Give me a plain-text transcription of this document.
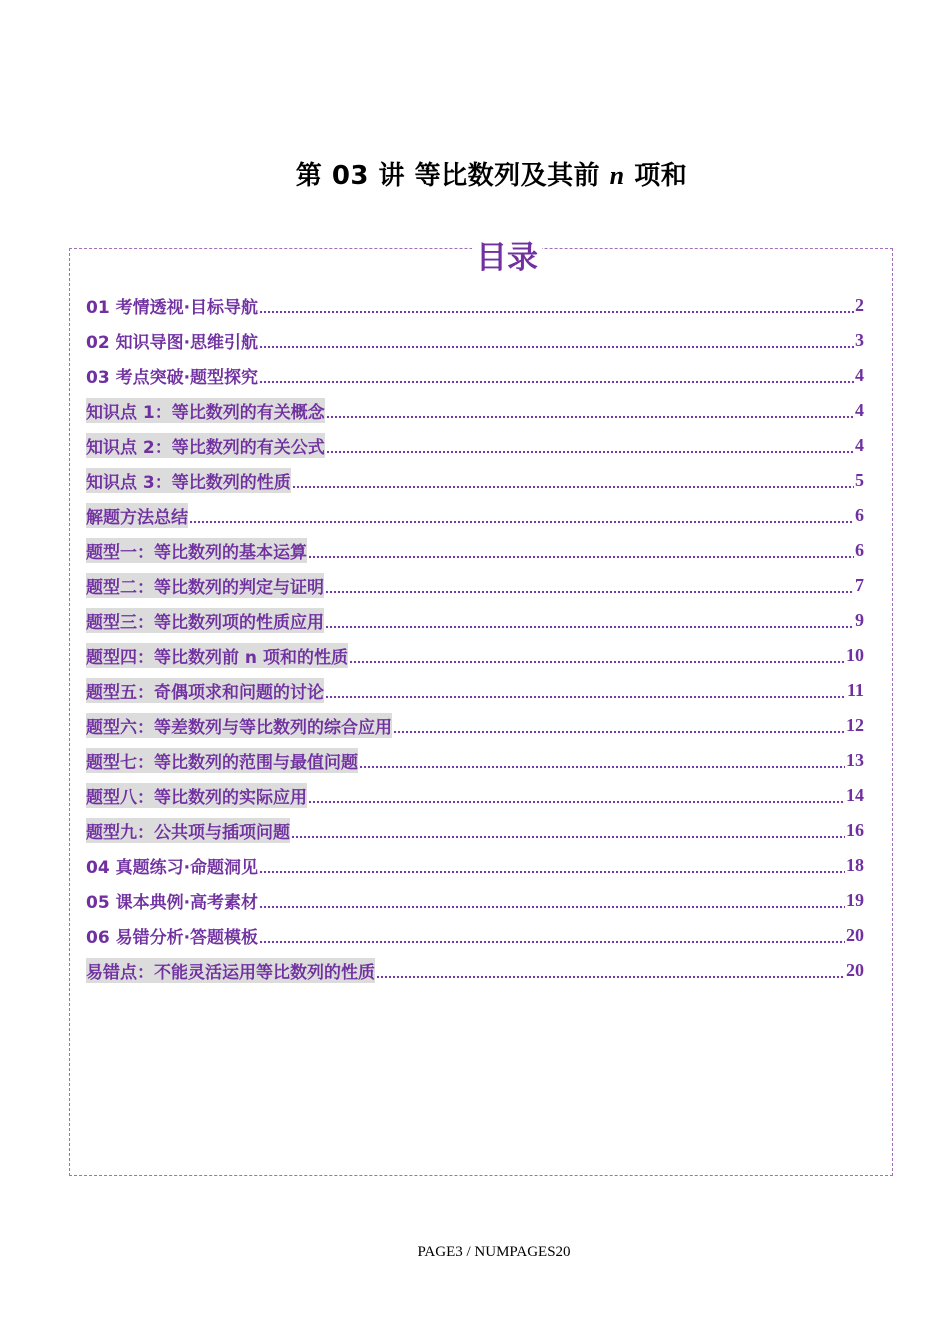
第 03 讲 等比数列及其前 n 项和
目录
01 考情透视·目标导航	2
02 知识导图·思维引航	3
03 考点突破·题型探究	4
知识点 1：等比数列的有关概念	4
知识点 2：等比数列的有关公式	4
知识点 3：等比数列的性质	5
解题方法总结	6
题型一：等比数列的基本运算	6
题型二：等比数列的判定与证明	7
题型三：等比数列项的性质应用	9
题型四：等比数列前 n 项和的性质	10
题型五：奇偶项求和问题的讨论	11
题型六：等差数列与等比数列的综合应用	12
题型七：等比数列的范围与最值问题	13
题型八：等比数列的实际应用	14
题型九：公共项与插项问题	16
04 真题练习·命题洞见	18
05 课本典例·高考素材	19
06 易错分析·答题模板	20
易错点：不能灵活运用等比数列的性质	20
PAGE3 / NUMPAGES20
